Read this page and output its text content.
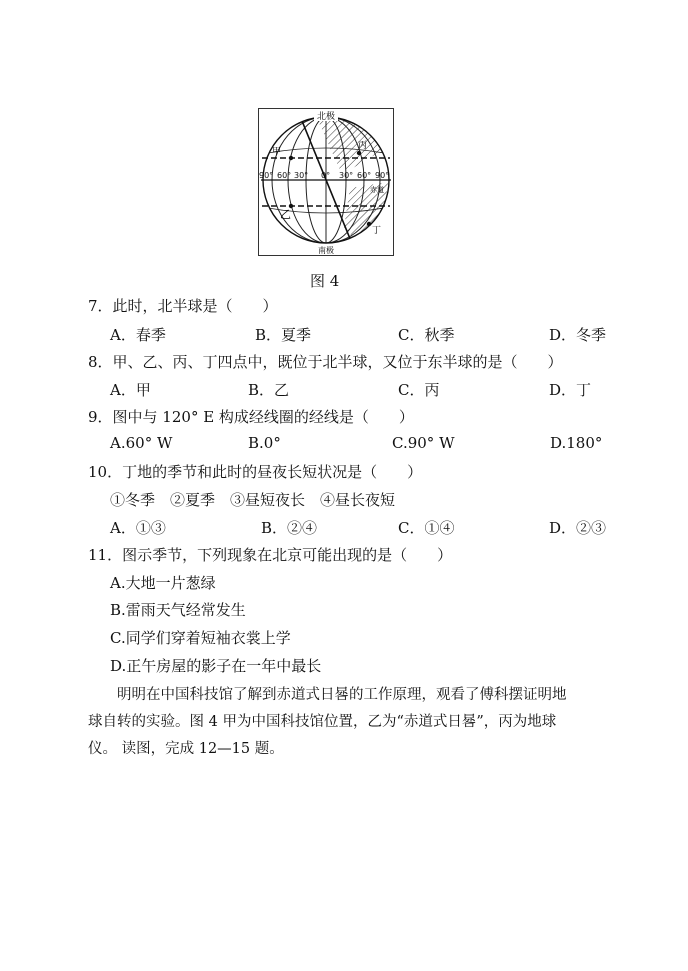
北极
南极
甲
乙
丙
丁
赤道
90° 60° 30° 0° 30° 60° 90°
图 4
7．此时，北半球是（　　）
A．春季	B．夏季	C．秋季	D．冬季
8．甲、乙、丙、丁四点中，既位于北半球，又位于东半球的是（　　）
A．甲	B．乙	C．丙	D．丁
9．图中与 120° E 构成经线圈的经线是（　　）
A.60° W	B.0°	C.90° W	D.180°
10．丁地的季节和此时的昼夜长短状况是（　　）
①冬季　②夏季　③昼短夜长　④昼长夜短
A．①③	B．②④	C．①④	D．②③
11．图示季节，下列现象在北京可能出现的是（　　）
A.大地一片葱绿
B.雷雨天气经常发生
C.同学们穿着短袖衣裳上学
D.正午房屋的影子在一年中最长
　　明明在中国科技馆了解到赤道式日晷的工作原理，观看了傅科摆证明地
球自转的实验。图 4 甲为中国科技馆位置，乙为“赤道式日晷”，丙为地球
仪。 读图，完成 12—15 题。
